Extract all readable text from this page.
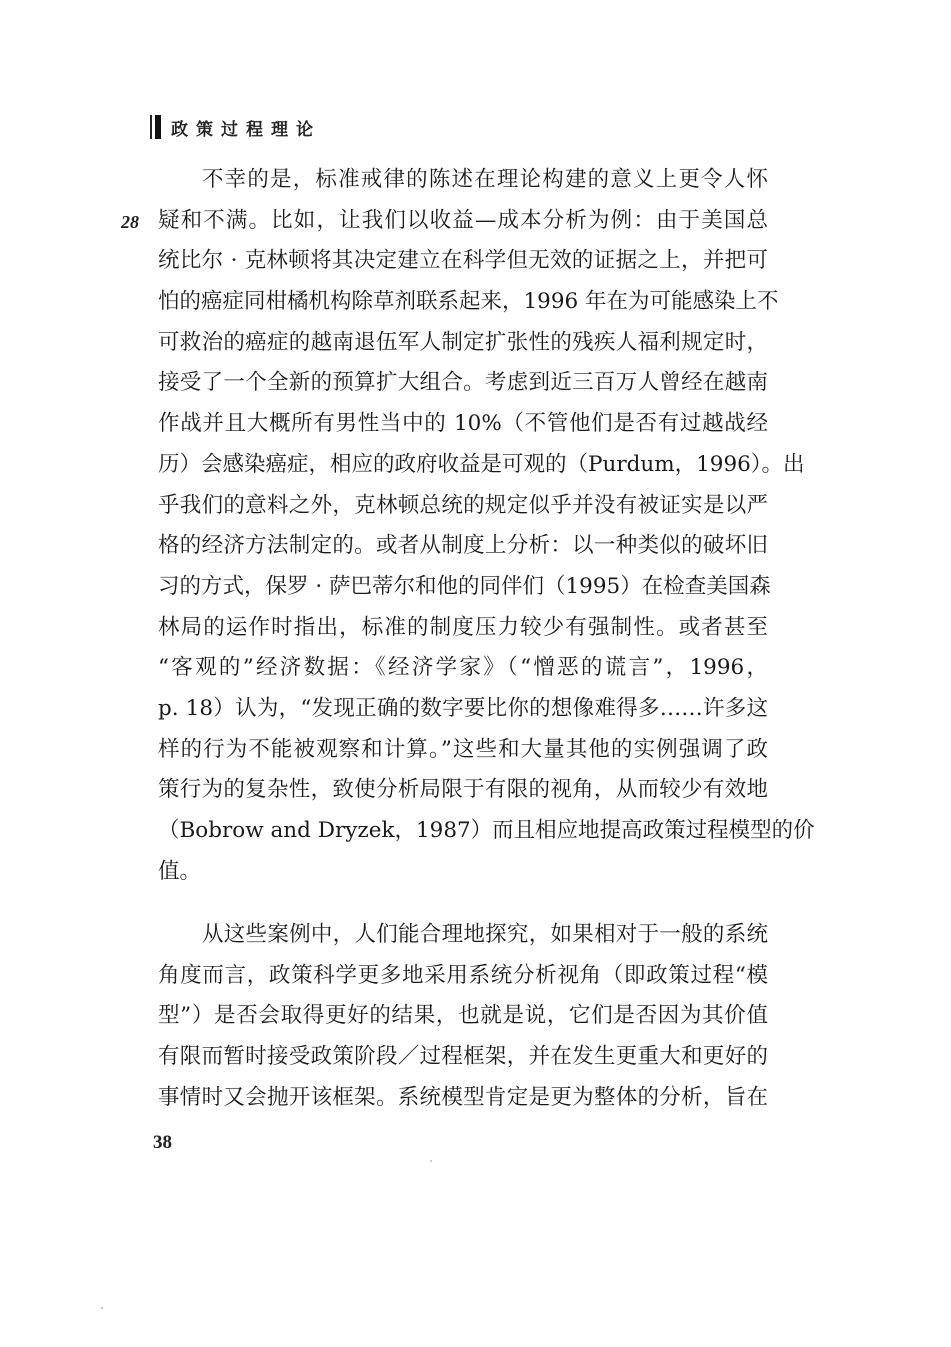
政策过程理论
28
不幸的是，标准戒律的陈述在理论构建的意义上更令人怀
疑和不满。比如，让我们以收益—成本分析为例：由于美国总
统比尔 · 克林顿将其决定建立在科学但无效的证据之上，并把可
怕的癌症同柑橘机构除草剂联系起来，1996 年在为可能感染上不
可救治的癌症的越南退伍军人制定扩张性的残疾人福利规定时，
接受了一个全新的预算扩大组合。考虑到近三百万人曾经在越南
作战并且大概所有男性当中的 10%（不管他们是否有过越战经
历）会感染癌症，相应的政府收益是可观的（Purdum，1996）。出
乎我们的意料之外，克林顿总统的规定似乎并没有被证实是以严
格的经济方法制定的。或者从制度上分析：以一种类似的破坏旧
习的方式，保罗 · 萨巴蒂尔和他的同伴们（1995）在检查美国森
林局的运作时指出，标准的制度压力较少有强制性。或者甚至
“客观的”经济数据：《经济学家》（“憎恶的谎言”，1996，
p. 18）认为，“发现正确的数字要比你的想像难得多……许多这
样的行为不能被观察和计算。”这些和大量其他的实例强调了政
策行为的复杂性，致使分析局限于有限的视角，从而较少有效地
（Bobrow and Dryzek，1987）而且相应地提高政策过程模型的价
值。
从这些案例中，人们能合理地探究，如果相对于一般的系统
角度而言，政策科学更多地采用系统分析视角（即政策过程“模
型”）是否会取得更好的结果，也就是说，它们是否因为其价值
有限而暂时接受政策阶段／过程框架，并在发生更重大和更好的
事情时又会抛开该框架。系统模型肯定是更为整体的分析，旨在
38
